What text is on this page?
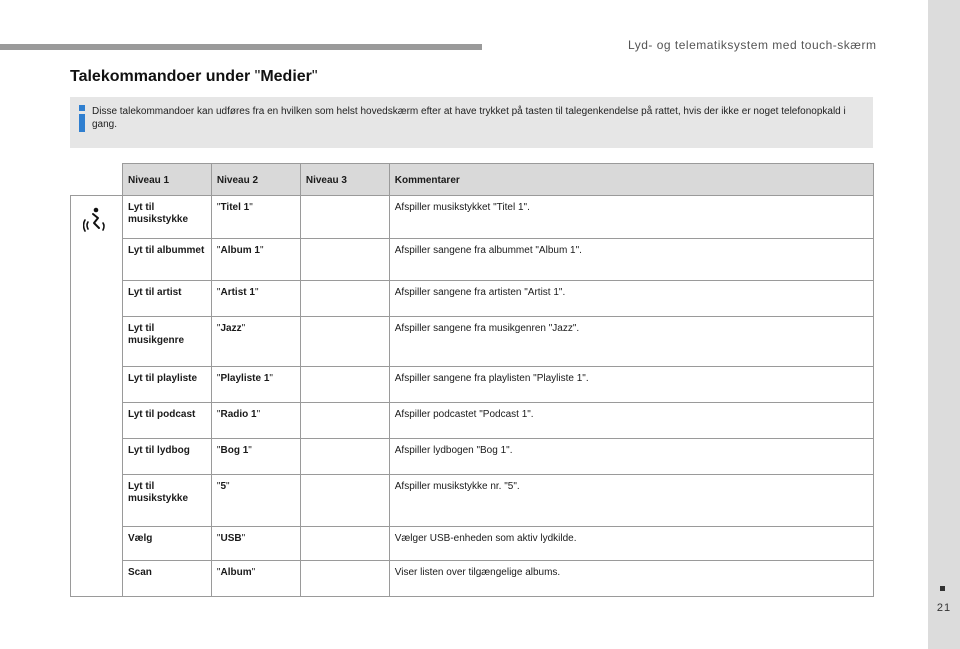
Lyd- og telematiksystem med touch-skærm
21
Talekommandoer under "Medier"
Disse talekommandoer kan udføres fra en hvilken som helst hovedskærm efter at have trykket på tasten til talegenkendelse på rattet, hvis der ikke er noget telefonopkald i gang.
	Niveau 1	Niveau 2	Niveau 3	Kommentarer

	Lyt til musikstykke	"Titel 1"		Afspiller musikstykket "Titel 1".
	Lyt til albummet	"Album 1"		Afspiller sangene fra albummet "Album 1".
	Lyt til artist	"Artist 1"		Afspiller sangene fra artisten "Artist 1".
	Lyt til musikgenre	"Jazz"		Afspiller sangene fra musikgenren "Jazz".
	Lyt til playliste	"Playliste 1"		Afspiller sangene fra playlisten "Playliste 1".
	Lyt til podcast	"Radio 1"		Afspiller podcastet "Podcast 1".
	Lyt til lydbog	"Bog 1"		Afspiller lydbogen "Bog 1".
	Lyt til musikstykke	"5"		Afspiller musikstykke nr. "5".
	Vælg	"USB"		Vælger USB-enheden som aktiv lydkilde.
	Scan	"Album"		Viser listen over tilgængelige albums.
